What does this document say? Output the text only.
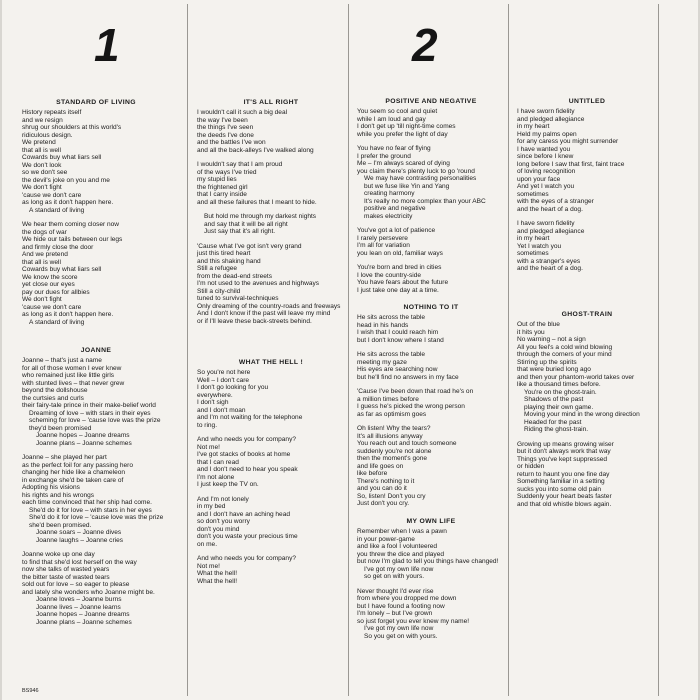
1	2
STANDARD OF LIVING
History repeats itself
and we resign
shrug our shoulders at this world's
ridiculous design.
We pretend
that all is well
Cowards buy what liars sell
We don't look
so we don't see
the devil's joke on you and me
We don't fight
'cause we don't care
as long as it don't happen here.
A standard of living
We hear them coming closer now
the dogs of war
We hide our tails between our legs
and firmly close the door
And we pretend
that all is well
Cowards buy what liars sell
We know the score
yet close our eyes
pay our dues for allbies
We don't fight
'cause we don't care
as long as it don't happen here.
A standard of living
JOANNE
Joanne – that's just a name
for all of those women I ever knew
who remained just like little girls
with stunted lives – that never grew
beyond the dollshouse
the curtsies and curls
their fairy-tale prince in their make-belief world
Dreaming of love – with stars in their eyes
scheming for love – 'cause love was the prize
they'd been promised
Joanne hopes – Joanne dreams
Joanne plans – Joanne schemes
Joanne – she played her part
as the perfect foil for any passing hero
changing her hide like a chameleon
in exchange she'd be taken care of
Adopting his visions
his rights and his wrongs
each time convinced that her ship had come.
She'd do it for love – with stars in her eyes
She'd do it for love – 'cause love was the prize
she'd been promised.
Joanne soars – Joanne dives
Joanne laughs – Joanne cries
Joanne woke up one day
to find that she'd lost herself on the way
now she talks of wasted years
the bitter taste of wasted tears
sold out for love – so eager to please
and lately she wonders who Joanne might be.
Joanne loves – Joanne burns
Joanne lives – Joanne learns
Joanne hopes – Joanne dreams
Joanne plans – Joanne schemes
IT'S ALL RIGHT
I wouldn't call it such a big deal
the way I've been
the things I've seen
the deeds I've done
and the battles I've won
and all the back-alleys I've walked along
I wouldn't say that I am proud
of the ways I've tried
my stupid lies
the frightened girl
that I carry inside
and all these failures that I meant to hide.
But hold me through my darkest nights
and say that it will be all right
Just say that it's all right.
'Cause what I've got isn't very grand
just this tired heart
and this shaking hand
Still a refugee
from the dead-end streets
I'm not used to the avenues and highways
Still a city-child
tuned to survival-techniques
Only dreaming of the country-roads and freeways
And I don't know if the past will leave my mind
or if I'll leave these back-streets behind.
WHAT THE HELL !
So you're not here
Well – I don't care
I don't go looking for you
everywhere.
I don't sigh
and I don't moan
and I'm not waiting for the telephone
to ring.
And who needs you for company?
Not me!
I've got stacks of books at home
that I can read
and I don't need to hear you speak
I'm not alone
I just keep the TV on.
And I'm not lonely
in my bed
and I don't have an aching head
so don't you worry
don't you mind
don't you waste your precious time
on me.
And who needs you for company?
Not me!
What the hell!
What the hell!
POSITIVE AND NEGATIVE
You seem so cool and quiet
while I am loud and gay
I don't get up 'till night-time comes
while you prefer the light of day
You have no fear of flying
I prefer the ground
Me – I'm always scared of dying
you claim there's plenty luck to go 'round
We may have contrasting personalities
but we fuse like Yin and Yang
creating harmony
It's really no more complex than your ABC
positive and negative
makes electricity
You've got a lot of patience
I rarely persevere
I'm all for variation
you lean on old, familiar ways
You're born and bred in cities
I love the country-side
You have fears about the future
I just take one day at a time.
NOTHING TO IT
He sits across the table
head in his hands
I wish that I could reach him
but I don't know where I stand
He sits across the table
meeting my gaze
His eyes are searching now
but he'll find no answers in my face
'Cause I've been down that road he's on
a million times before
I guess he's picked the wrong person
as far as optimism goes
Oh listen! Why the tears?
It's all illusions anyway
You reach out and touch someone
suddenly you're not alone
then the moment's gone
and life goes on
like before
There's nothing to it
and you can do it
So, listen! Don't you cry
Just don't you cry.
MY OWN LIFE
Remember when I was a pawn
in your power-game
and like a fool I volunteered
you threw the dice and played
but now I'm glad to tell you things have changed!
I've got my own life now
so get on with yours.
Never thought I'd ever rise
from where you dropped me down
but I have found a footing now
I'm lonely – but I've grown
so just forget you ever knew my name!
I've got my own life now
So you get on with yours.
UNTITLED
I have sworn fidelity
and pledged allegiance
in my heart
Held my palms open
for any caress you might surrender
I have wanted you
since before I knew
long before I saw that first, faint trace
of loving recognition
upon your face
And yet I watch you
sometimes
with the eyes of a stranger
and the heart of a dog.
I have sworn fidelity
and pledged allegiance
in my heart
Yet I watch you
sometimes
with a stranger's eyes
and the heart of a dog.
GHOST-TRAIN
Out of the blue
it hits you
No warning – not a sign
All you feel's a cold wind blowing
through the corners of your mind
Stirring up the spirits
that were buried long ago
and then your phantom-world takes over
like a thousand times before.
You're on the ghost-train.
Shadows of the past
playing their own game.
Moving your mind in the wrong direction
Headed for the past
Riding the ghost-train.
Growing up means growing wiser
but it don't always work that way
Things you've kept suppressed
or hidden
return to haunt you one fine day
Something familiar in a setting
sucks you into some old pain
Suddenly your heart beats faster
and that old whistle blows again.
BS946
